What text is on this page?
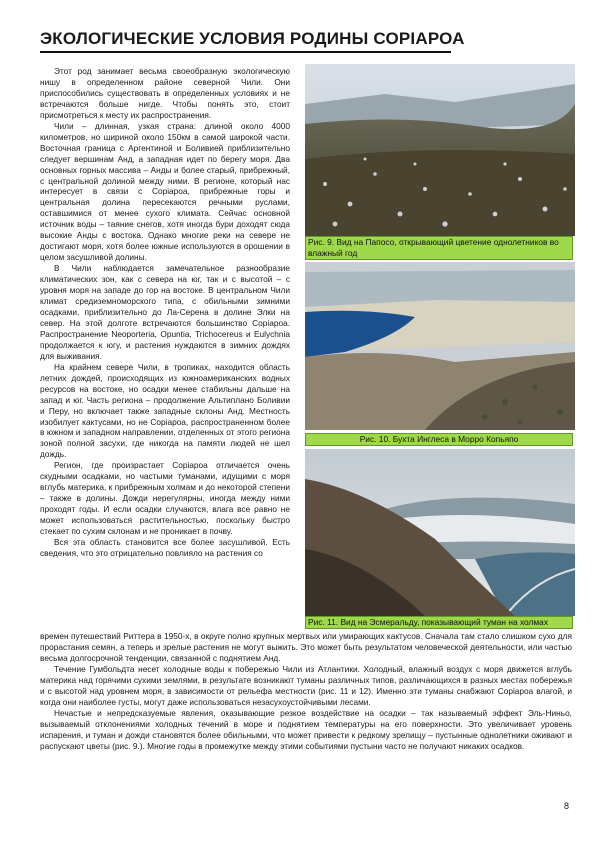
ЭКОЛОГИЧЕСКИЕ УСЛОВИЯ РОДИНЫ СОРIАРОА

Этот род занимает весьма своеобразную экологическую нишу в определенном районе северной Чили. Они приспособились существовать в определенных условиях и не встречаются больше нигде. Чтобы понять это, стоит присмотреться к месту их распространения.

Чили – длинная, узкая страна: длиной около 4000 километров, но шириной около 150км в самой широкой части. Восточная граница с Аргентиной и Боливией приблизительно следует вершинам Анд, а западная идет по берегу моря. Два основных горных массива – Анды и более старый, прибрежный, с центральной долиной между ними. В регионе, который нас интересует в связи с Copiapoa, прибрежные горы и центральная долина пересекаются речными руслами, оставшимися от менее сухого климата. Сейчас основной источник воды – таяние снегов, хотя иногда бури доходят сюда высокие Анды с востока. Однако многие реки на севере не достигают моря, хотя более южные используются в орошении в целом засушливой долины.

В Чили наблюдается замечательное разнообразие климатических зон, как с севера на юг, так и с высотой – с уровня моря на западе до гор на востоке. В центральном Чили климат средиземноморского типа, с обильными зимними осадками, приблизительно до Ла-Серена в долине Элки на север. На этой долготе встречаются большинство Copiapoa. Распространение Neoporteria, Opuntia, Trichocereus и Eulychnia продолжается к югу, и растения нуждаются в зимних дождях для выживания.

На крайнем севере Чили, в тропиках, находится область летних дождей, происходящих из южноамериканских водных ресурсов на востоке, но осадки менее стабильны дальше на запад и юг. Часть региона – продолжение Альтиплано Боливии и Перу, но включает также западные склоны Анд. Местность изобилует кактусами, но не Copiapoa, распространенном более в южном и западном направлении, отделенных от этого региона зоной полной засухи, где никогда на памяти людей не шел дождь.

Регион, где произрастает Copiapoa отличается очень скудными осадками, но частыми туманами, идущими с моря вглубь материка, к прибрежным холмам и до некоторой степени – также в долины. Дожди нерегулярны, иногда между ними проходят годы. И если осадки случаются, влага все равно не может использоваться растительностью, поскольку быстро стекает по сухим склонам и не проникает в почву.

Вся эта область становится все более засушливой. Есть сведения, что это отрицательно повлияло на растения со

Рис. 9. Вид на Папосо, открывающий цветение однолетников во влажный год
Рис. 10. Бухта Инглеса в Морро Копьяпо
Рис. 11. Вид на Эсмеральду, показывающий туман на холмах

времен путешествий Риттера в 1950-х, в округе полно крупных мертвых или умирающих кактусов. Сначала там стало слишком сухо для прорастания семян, а теперь и зрелые растения не могут выжить. Это может быть результатом человеческой деятельности, или частью весьма долгосрочной тенденции, связанной с поднятием Анд.

Течение Гумбольдта несет холодные воды к побережью Чили из Атлантики. Холодный, влажный воздух с моря движется вглубь материка над горячими сухими землями, в результате возникают туманы различных типов, различающихся в разных местах побережья и с высотой над уровнем моря, в зависимости от рельефа местности (рис. 11 и 12). Именно эти туманы снабжают Copiapoa влагой, и когда они наиболее густы, могут даже использоваться незасухоустойчивыми лесами.

Нечастые и непредсказуемые явления, оказывающие резкое воздействие на осадки – так называемый эффект Эль-Ниньо, вызываемый отклонениями холодных течений в море и поднятием температуры на его поверхности. Это увеличивает уровень испарения, и туман и дожди становятся более обильными, что может привести к редкому зрелищу – пустынные однолетники оживают и распускают цветы (рис. 9.). Многие годы в промежутке между этими событиями пустыни часто не получают никаких осадков.

8
